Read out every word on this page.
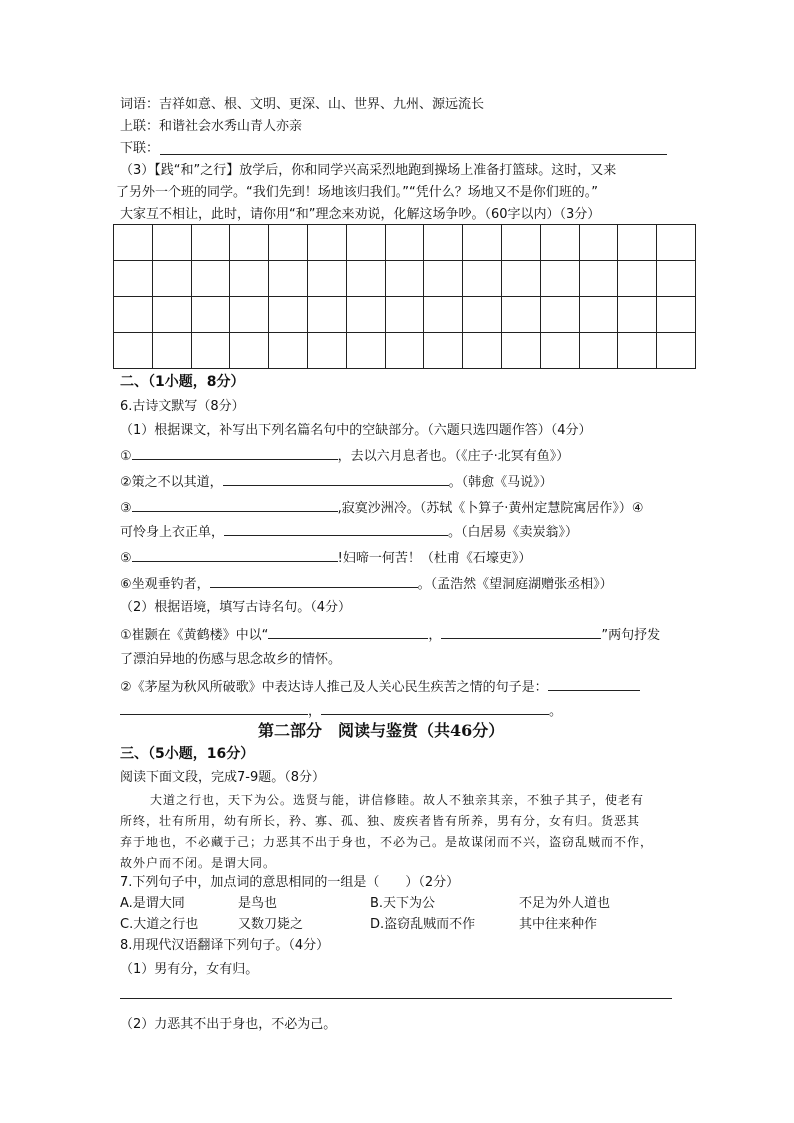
词语：吉祥如意、根、文明、更深、山、世界、九州、源远流长
上联：和谐社会水秀山青人亦亲
下联：
（3）【践“和”之行】放学后，你和同学兴高采烈地跑到操场上准备打篮球。这时，又来
了另外一个班的同学。“我们先到！场地该归我们。”“凭什么？场地又不是你们班的。”
大家互不相让，此时，请你用“和”理念来劝说，化解这场争吵。（60字以内）（3分）

二、（1小题，8分）
6.古诗文默写（8分）
（1）根据课文，补写出下列名篇名句中的空缺部分。（六题只选四题作答）（4分）
①	，去以六月息者也。（《庄子·北冥有鱼》）
②策之不以其道，	。（韩愈《马说》）
③	,寂寞沙洲冷。（苏轼《卜算子·黄州定慧院寓居作》）④
可怜身上衣正单，	。（白居易《卖炭翁》）
⑤	!妇啼一何苦！（杜甫《石壕吏》）
⑥坐观垂钓者，	。（孟浩然《望洞庭湖赠张丞相》）
（2）根据语境，填写古诗名句。（4分）
①崔颢在《黄鹤楼》中以“	，	”两句抒发
了漂泊异地的伤感与思念故乡的情怀。
②《茅屋为秋风所破歌》中表达诗人推己及人关心民生疾苦之情的句子是：
，	。
第二部分　阅读与鉴赏（共46分）
三、（5小题，16分）
阅读下面文段，完成7-9题。（8分）
大道之行也，天下为公。选贤与能，讲信修睦。故人不独亲其亲，不独子其子，使老有
所终，壮有所用，幼有所长，矜、寡、孤、独、废疾者皆有所养，男有分，女有归。货恶其
弃于地也，不必藏于己；力恶其不出于身也，不必为己。是故谋闭而不兴，盗窃乱贼而不作，
故外户而不闭。是谓大同。
7.下列句子中，加点词的意思相同的一组是（　　）（2分）
A.是谓大同	是鸟也	B.天下为公	不足为外人道也
C.大道之行也	又数刀毙之	D.盗窃乱贼而不作	其中往来种作
8.用现代汉语翻译下列句子。（4分）
（1）男有分，女有归。
（2）力恶其不出于身也，不必为己。
